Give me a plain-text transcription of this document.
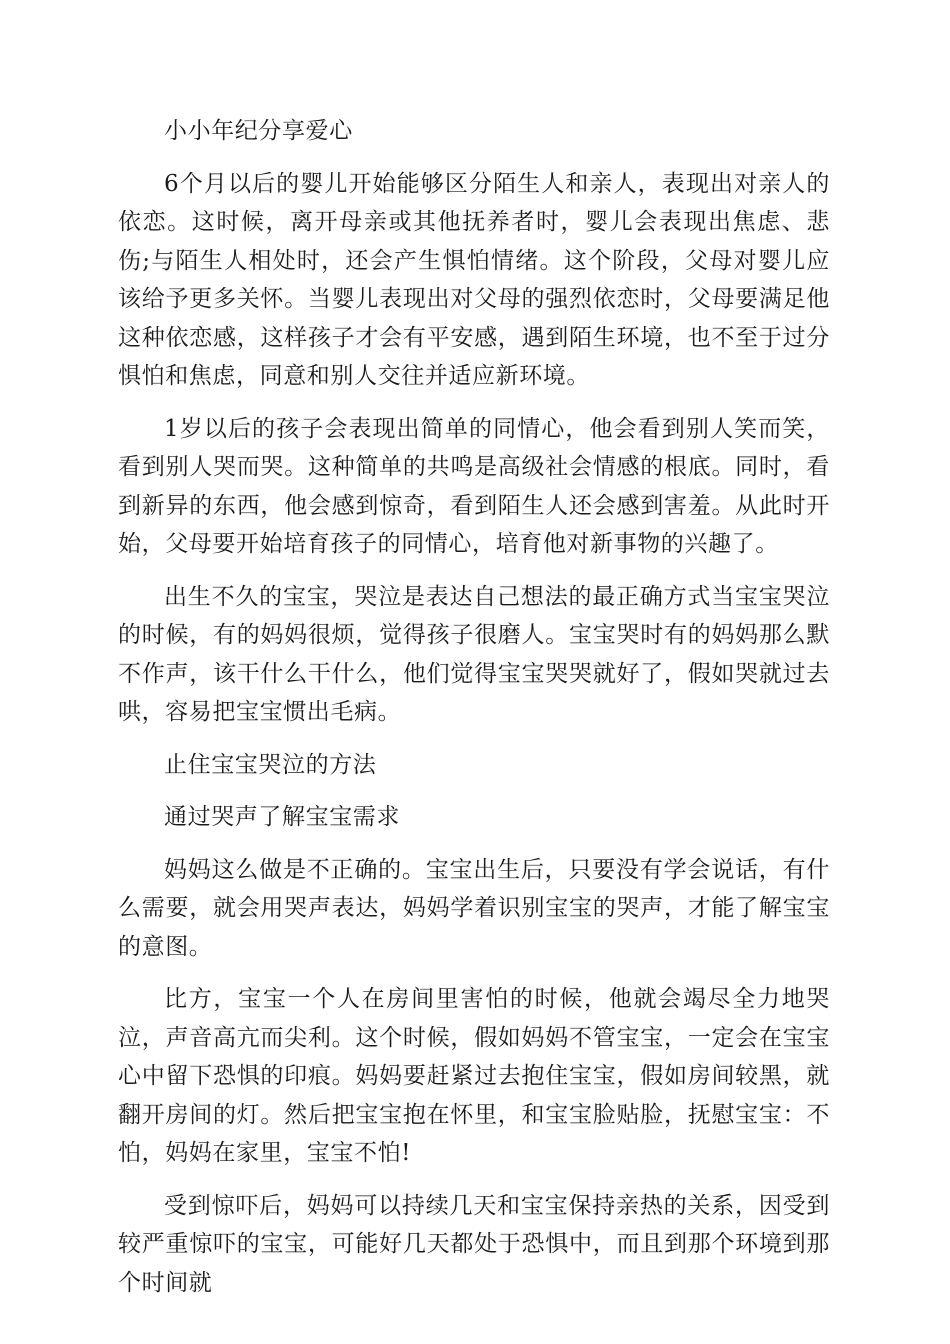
小小年纪分享爱心

6个月以后的婴儿开始能够区分陌生人和亲人，表现出对亲人的依恋。这时候，离开母亲或其他抚养者时，婴儿会表现出焦虑、悲伤;与陌生人相处时，还会产生惧怕情绪。这个阶段，父母对婴儿应该给予更多关怀。当婴儿表现出对父母的强烈依恋时，父母要满足他这种依恋感，这样孩子才会有平安感，遇到陌生环境，也不至于过分惧怕和焦虑，同意和别人交往并适应新环境。

1岁以后的孩子会表现出简单的同情心，他会看到别人笑而笑，看到别人哭而哭。这种简单的共鸣是高级社会情感的根底。同时，看到新异的东西，他会感到惊奇，看到陌生人还会感到害羞。从此时开始，父母要开始培育孩子的同情心，培育他对新事物的兴趣了。

出生不久的宝宝，哭泣是表达自己想法的最正确方式当宝宝哭泣的时候，有的妈妈很烦，觉得孩子很磨人。宝宝哭时有的妈妈那么默不作声，该干什么干什么，他们觉得宝宝哭哭就好了，假如哭就过去哄，容易把宝宝惯出毛病。

止住宝宝哭泣的方法

通过哭声了解宝宝需求

妈妈这么做是不正确的。宝宝出生后，只要没有学会说话，有什么需要，就会用哭声表达，妈妈学着识别宝宝的哭声，才能了解宝宝的意图。

比方，宝宝一个人在房间里害怕的时候，他就会竭尽全力地哭泣，声音高亢而尖利。这个时候，假如妈妈不管宝宝，一定会在宝宝心中留下恐惧的印痕。妈妈要赶紧过去抱住宝宝，假如房间较黑，就翻开房间的灯。然后把宝宝抱在怀里，和宝宝脸贴脸，抚慰宝宝：不怕，妈妈在家里，宝宝不怕!

受到惊吓后，妈妈可以持续几天和宝宝保持亲热的关系，因受到较严重惊吓的宝宝，可能好几天都处于恐惧中，而且到那个环境到那个时间就
